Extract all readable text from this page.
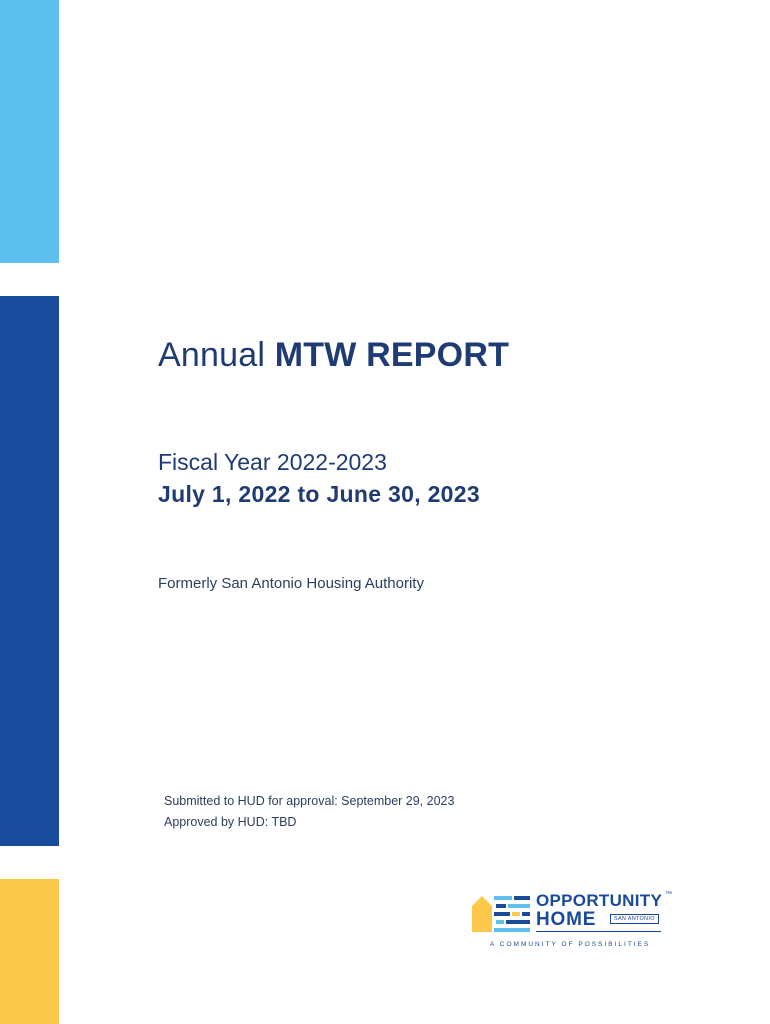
Annual MTW REPORT
Fiscal Year 2022-2023
July 1, 2022 to June 30, 2023
Formerly San Antonio Housing Authority
Submitted to HUD for approval: September 29, 2023
Approved by HUD: TBD
OPPORTUNITY ™
HOME	SAN ANTONIO
A COMMUNITY OF POSSIBILITIES
